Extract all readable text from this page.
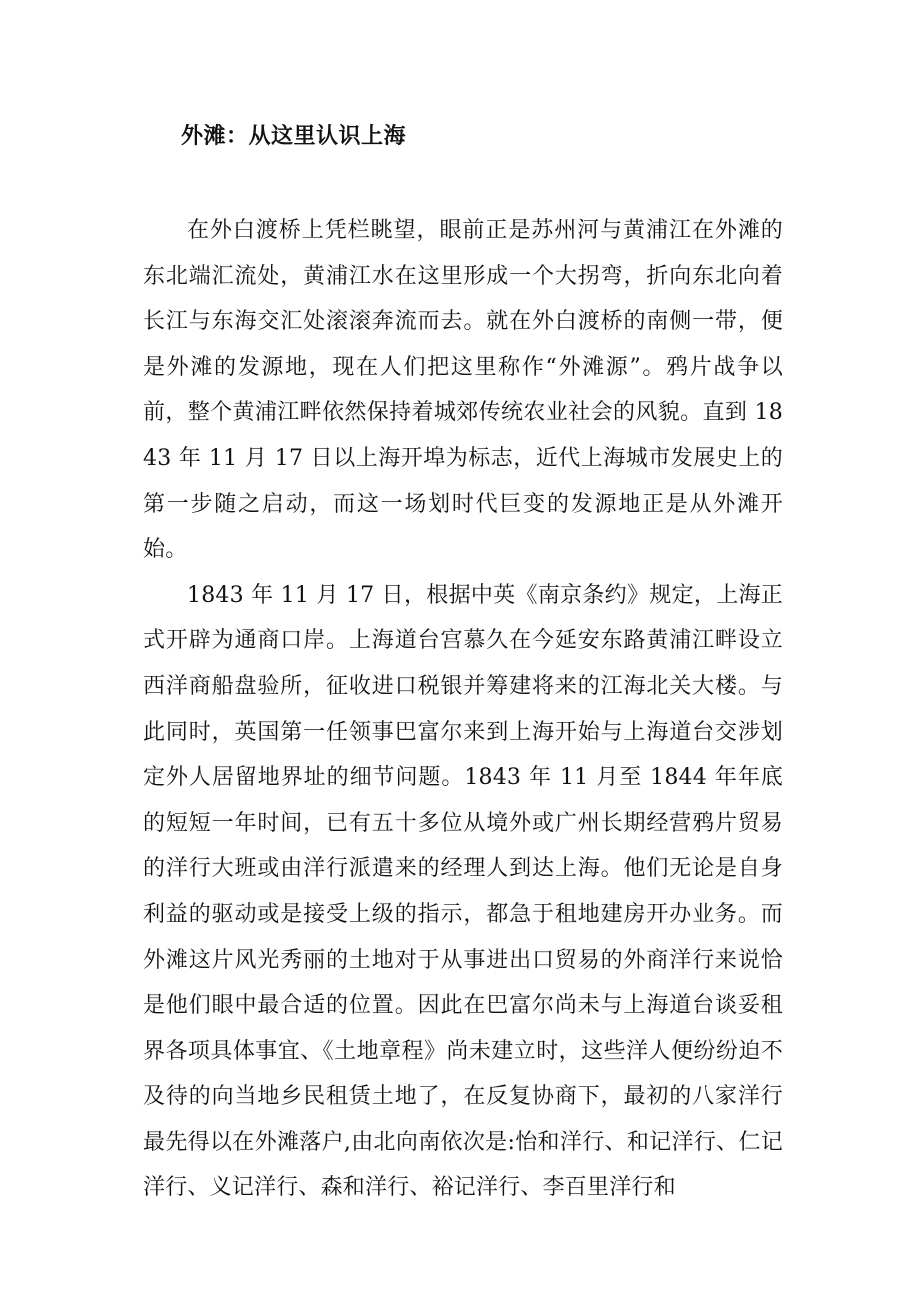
外滩：从这里认识上海

在外白渡桥上凭栏眺望，眼前正是苏州河与黄浦江在外滩的东北端汇流处，黄浦江水在这里形成一个大拐弯，折向东北向着长江与东海交汇处滚滚奔流而去。就在外白渡桥的南侧一带，便是外滩的发源地，现在人们把这里称作“外滩源”。鸦片战争以前，整个黄浦江畔依然保持着城郊传统农业社会的风貌。直到 1843 年 11 月 17 日以上海开埠为标志，近代上海城市发展史上的第一步随之启动，而这一场划时代巨变的发源地正是从外滩开始。

1843 年 11 月 17 日，根据中英《南京条约》规定，上海正式开辟为通商口岸。上海道台宫慕久在今延安东路黄浦江畔设立西洋商船盘验所，征收进口税银并筹建将来的江海北关大楼。与此同时，英国第一任领事巴富尔来到上海开始与上海道台交涉划定外人居留地界址的细节问题。1843 年 11 月至 1844 年年底的短短一年时间，已有五十多位从境外或广州长期经营鸦片贸易的洋行大班或由洋行派遣来的经理人到达上海。他们无论是自身利益的驱动或是接受上级的指示，都急于租地建房开办业务。而外滩这片风光秀丽的土地对于从事进出口贸易的外商洋行来说恰是他们眼中最合适的位置。因此在巴富尔尚未与上海道台谈妥租界各项具体事宜、《土地章程》尚未建立时，这些洋人便纷纷迫不及待的向当地乡民租赁土地了，在反复协商下，最初的八家洋行最先得以在外滩落户,由北向南依次是:怡和洋行、和记洋行、仁记洋行、义记洋行、森和洋行、裕记洋行、李百里洋行和
